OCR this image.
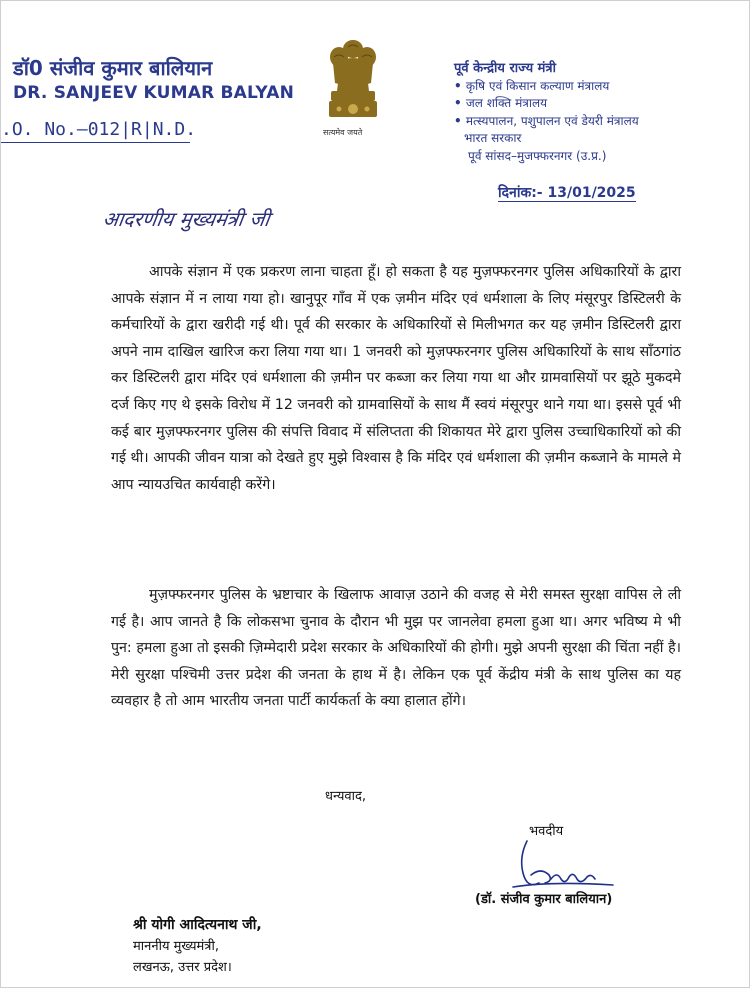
डॉ0 संजीव कुमार बालियान
DR. SANJEEV KUMAR BALYAN
.O. No.–012|R|N.D.	सत्यमेव जयते
पूर्व केन्द्रीय राज्य मंत्री
• कृषि एवं किसान कल्याण मंत्रालय
• जल शक्ति मंत्रालय
• मत्स्यपालन, पशुपालन एवं डेयरी मंत्रालय
भारत सरकार
पूर्व सांसद–मुजफ्फरनगर (उ.प्र.)
दिनांक:- 13/01/2025
आदरणीय मुख्यमंत्री जी
आपके संज्ञान में एक प्रकरण लाना चाहता हूँ। हो सकता है यह मुज़फ्फरनगर पुलिस अधिकारियों के द्वारा आपके संज्ञान में न लाया गया हो। खानुपूर गाँव में एक ज़मीन मंदिर एवं धर्मशाला के लिए मंसूरपुर डिस्टिलरी के कर्मचारियों के द्वारा खरीदी गई थी। पूर्व की सरकार के अधिकारियों से मिलीभगत कर यह ज़मीन डिस्टिलरी द्वारा अपने नाम दाखिल खारिज करा लिया गया था। 1 जनवरी को मुज़फ्फरनगर पुलिस अधिकारियों के साथ साँठगांठ कर डिस्टिलरी द्वारा मंदिर एवं धर्मशाला की ज़मीन पर कब्जा कर लिया गया था और ग्रामवासियों पर झूठे मुकदमे दर्ज किए गए थे इसके विरोध में 12 जनवरी को ग्रामवासियों के साथ मैं स्वयं मंसूरपुर थाने गया था। इससे पूर्व भी कई बार मुज़फ्फरनगर पुलिस की संपत्ति विवाद में संलिप्तता की शिकायत मेरे द्वारा पुलिस उच्चाधिकारियों को की गई थी। आपकी जीवन यात्रा को देखते हुए मुझे विश्वास है कि मंदिर एवं धर्मशाला की ज़मीन कब्जाने के मामले मे आप न्यायउचित कार्यवाही करेंगे।
मुज़फ्फरनगर पुलिस के भ्रष्टाचार के खिलाफ आवाज़ उठाने की वजह से मेरी समस्त सुरक्षा वापिस ले ली गई है। आप जानते है कि लोकसभा चुनाव के दौरान भी मुझ पर जानलेवा हमला हुआ था। अगर भविष्य मे भी पुन: हमला हुआ तो इसकी ज़िम्मेदारी प्रदेश सरकार के अधिकारियों की होगी। मुझे अपनी सुरक्षा की चिंता नहीं है। मेरी सुरक्षा पश्चिमी उत्तर प्रदेश की जनता के हाथ में है। लेकिन एक पूर्व केंद्रीय मंत्री के साथ पुलिस का यह व्यवहार है तो आम भारतीय जनता पार्टी कार्यकर्ता के क्या हालात होंगे।
धन्यवाद,
भवदीय
(डॉ. संजीव कुमार बालियान)
श्री योगी आदित्यनाथ जी,
माननीय मुख्यमंत्री,
लखनऊ, उत्तर प्रदेश।
